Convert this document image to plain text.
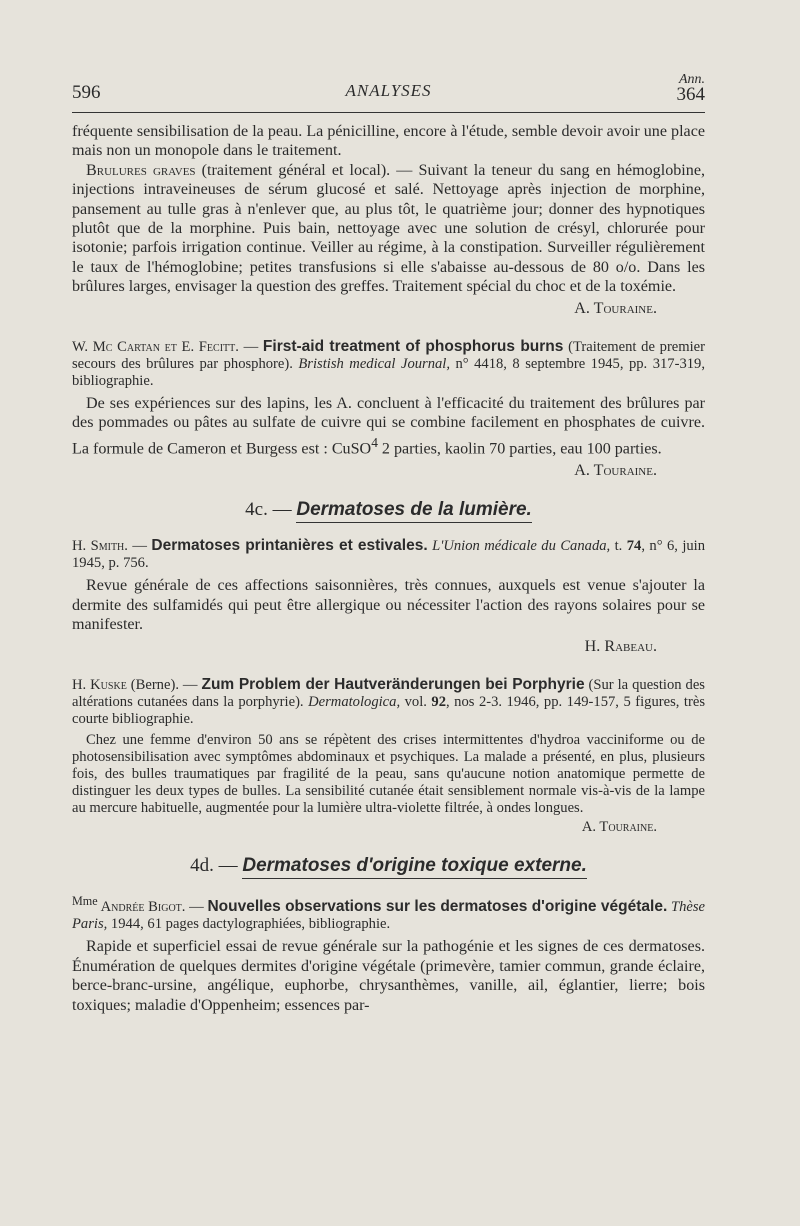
596	ANALYSES
Ann.
364

fréquente sensibilisation de la peau. La pénicilline, encore à l'étude, semble devoir avoir une place mais non un monopole dans le traitement.

Brulures graves (traitement général et local). — Suivant la teneur du sang en hémoglobine, injections intraveineuses de sérum glucosé et salé. Nettoyage après injection de morphine, pansement au tulle gras à n'enlever que, au plus tôt, le quatrième jour; donner des hypnotiques plutôt que de la morphine. Puis bain, nettoyage avec une solution de crésyl, chlorurée pour isotonie; parfois irrigation continue. Veiller au régime, à la constipation. Surveiller régulièrement le taux de l'hémoglobine; petites transfusions si elle s'abaisse au-dessous de 80 o/o. Dans les brûlures larges, envisager la question des greffes. Traitement spécial du choc et de la toxémie.

A. Touraine.

W. Mc Cartan et E. Fecitt. — First-aid treatment of phosphorus burns (Traitement de premier secours des brûlures par phosphore). Bristish medical Journal, n° 4418, 8 septembre 1945, pp. 317-319, bibliographie.

De ses expériences sur des lapins, les A. concluent à l'efficacité du traitement des brûlures par des pommades ou pâtes au sulfate de cuivre qui se combine facilement en phosphates de cuivre. La formule de Cameron et Burgess est : CuSO$^4$ 2 parties, kaolin 70 parties, eau 100 parties.

A. Touraine.

4c. — Dermatoses de la lumière.

H. Smith. — Dermatoses printanières et estivales. L'Union médicale du Canada, t. 74, n° 6, juin 1945, p. 756.

Revue générale de ces affections saisonnières, très connues, auxquels est venue s'ajouter la dermite des sulfamidés qui peut être allergique ou nécessiter l'action des rayons solaires pour se manifester.

H. Rabeau.

H. Kuske (Berne). — Zum Problem der Hautveränderungen bei Porphyrie (Sur la question des altérations cutanées dans la porphyrie). Dermatologica, vol. 92, nos 2-3. 1946, pp. 149-157, 5 figures, très courte bibliographie.

Chez une femme d'environ 50 ans se répètent des crises intermittentes d'hydroa vacciniforme ou de photosensibilisation avec symptômes abdominaux et psychiques. La malade a présenté, en plus, plusieurs fois, des bulles traumatiques par fragilité de la peau, sans qu'aucune notion anatomique permette de distinguer les deux types de bulles. La sensibilité cutanée était sensiblement normale vis-à-vis de la lampe au mercure habituelle, augmentée pour la lumière ultra-violette filtrée, à ondes longues.

A. Touraine.

4d. — Dermatoses d'origine toxique externe.

$^{Mme}$ Andrée Bigot. — Nouvelles observations sur les dermatoses d'origine végétale. Thèse Paris, 1944, 61 pages dactylographiées, bibliographie.

Rapide et superficiel essai de revue générale sur la pathogénie et les signes de ces dermatoses. Énumération de quelques dermites d'origine végétale (primevère, tamier commun, grande éclaire, berce-branc-ursine, angélique, euphorbe, chrysanthèmes, vanille, ail, églantier, lierre; bois toxiques; maladie d'Oppenheim; essences par-
